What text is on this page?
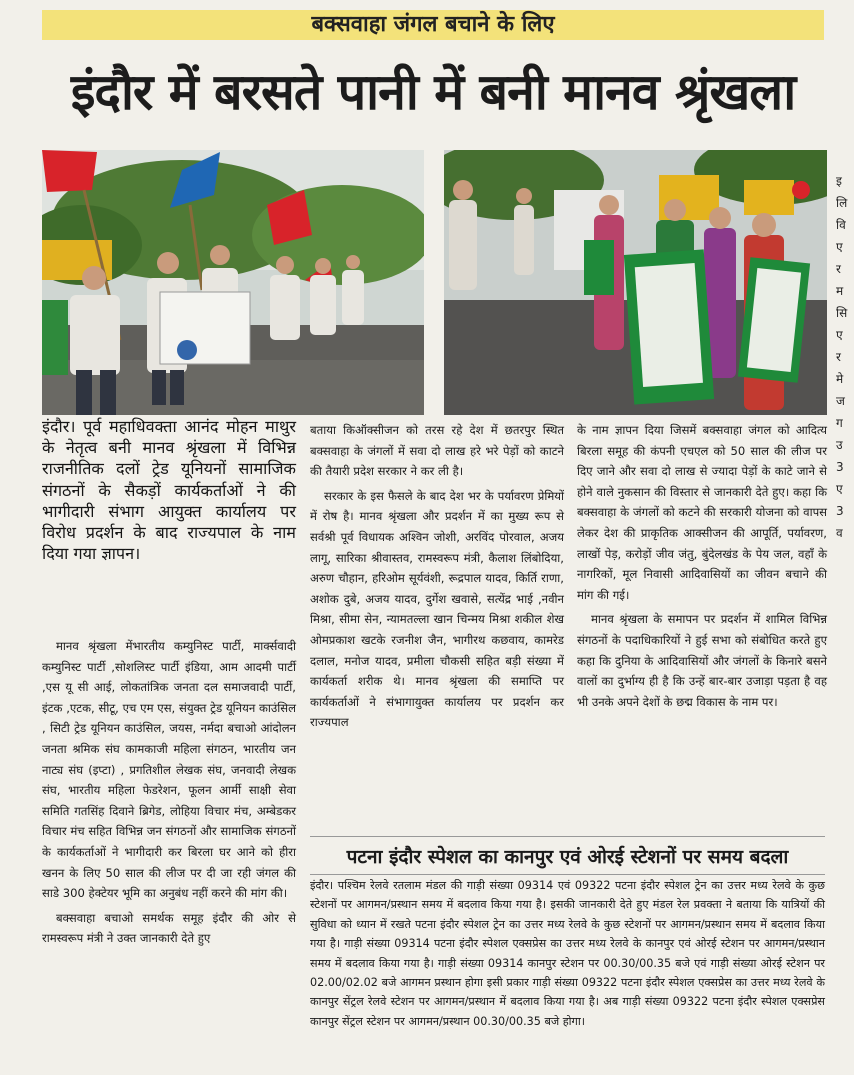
बक्सवाहा जंगल बचाने के लिए
इंदौर में बरसते पानी में बनी मानव श्रृंखला

इंदौर। पूर्व महाधिवक्ता आनंद मोहन माथुर के नेतृत्व बनी मानव श्रृंखला में विभिन्न राजनीतिक दलों ट्रेड यूनियनों सामाजिक संगठनों के सैकड़ों कार्यकर्ताओं ने की भागीदारी संभाग आयुक्त कार्यालय पर विरोध प्रदर्शन के बाद राज्यपाल के नाम दिया गया ज्ञापन।

मानव श्रृंखला मेंभारतीय कम्युनिस्ट पार्टी, मार्क्सवादी कम्युनिस्ट पार्टी ,सोशलिस्ट पार्टी इंडिया, आम आदमी पार्टी ,एस यू सी आई, लोकतांत्रिक जनता दल समाजवादी पार्टी, इंटक ,एटक, सीटू, एच एम एस, संयुक्त ट्रेड यूनियन काउंसिल , सिटी ट्रेड यूनियन काउंसिल, जयस, नर्मदा बचाओ आंदोलन जनता श्रमिक संघ कामकाजी महिला संगठन, भारतीय जन नाट्य संघ (इप्टा) , प्रगतिशील लेखक संघ, जनवादी लेखक संघ, भारतीय महिला फेडरेशन, फूलन आर्मी साक्षी सेवा समिति गतसिंह दिवाने ब्रिगेड, लोहिया विचार मंच, अम्बेडकर विचार मंच सहित विभिन्न जन संगठनों और सामाजिक संगठनों के कार्यकर्ताओं ने भागीदारी कर बिरला घर आने को हीरा खनन के लिए 50 साल की लीज पर दी जा रही जंगल की साडे 300 हेक्टेयर भूमि का अनुबंध नहीं करने की मांग की।

बक्सवाहा बचाओ समर्थक समूह इंदौर की ओर से रामस्वरूप मंत्री ने उक्त जानकारी देते हुए

बताया किऑक्सीजन को तरस रहे देश में छतरपुर स्थित बक्सवाहा के जंगलों में सवा दो लाख हरे भरे पेड़ों को काटने की तैयारी प्रदेश सरकार ने कर ली है।

सरकार के इस फैसले के बाद देश भर के पर्यावरण प्रेमियों में रोष है। मानव श्रृंखला और प्रदर्शन में का मुख्य रूप से सर्वश्री पूर्व विधायक अश्विन जोशी, अरविंद पोरवाल, अजय लागू, सारिका श्रीवास्तव, रामस्वरूप मंत्री, कैलाश लिंबोदिया, अरुण चौहान, हरिओम सूर्यवंशी, रूद्रपाल यादव, किर्ति राणा, अशोक दुबे, अजय यादव, दुर्गेश खवासे, सत्येंद्र भाई ,नवीन मिश्रा, सीमा सेन, न्यामतल्ला खान चिन्मय मिश्रा शकील शेख ओमप्रकाश खटके रजनीश जैन, भागीरथ कछवाय, कामरेड दलाल, मनोज यादव, प्रमीला चौकसी सहित बड़ी संख्या में कार्यकर्ता शरीक थे। मानव श्रृंखला की समाप्ति पर कार्यकर्ताओं ने संभागायुक्त कार्यालय पर प्रदर्शन कर राज्यपाल

के नाम ज्ञापन दिया जिसमें बक्सवाहा जंगल को आदित्य बिरला समूह की कंपनी एचएल को 50 साल की लीज पर दिए जाने और सवा दो लाख से ज्यादा पेड़ों के काटे जाने से होने वाले नुकसान की विस्तार से जानकारी देते हुए। कहा कि बक्सवाहा के जंगलों को कटने की सरकारी योजना को वापस लेकर देश की प्राकृतिक आक्सीजन की आपूर्ति, पर्यावरण, लाखों पेड़, करोड़ों जीव जंतु, बुंदेलखंड के पेय जल, वहाँ के नागरिकों, मूल निवासी आदिवासियों का जीवन बचाने की मांग की गई।

मानव श्रृंखला के समापन पर प्रदर्शन में शामिल विभिन्न संगठनों के पदाधिकारियों ने हुई सभा को संबोधित करते हुए कहा कि दुनिया के आदिवासियों और जंगलों के किनारे बसने वालों का दुर्भाग्य ही है कि उन्हें बार-बार उजाड़ा पड़ता है वह भी उनके अपने देशों के छद्म विकास के नाम पर।

पटना इंदौर स्पेशल का कानपुर एवं ओरई स्टेशनों पर समय बदला
इंदौर। पश्चिम रेलवे रतलाम मंडल की गाड़ी संख्या 09314 एवं 09322 पटना इंदौर स्पेशल ट्रेन का उत्तर मध्य रेलवे के कुछ स्टेशनों पर आगमन/प्रस्थान समय में बदलाव किया गया है। इसकी जानकारी देते हुए मंडल रेल प्रवक्ता ने बताया कि यात्रियों की सुविधा को ध्यान में रखते पटना इंदौर स्पेशल ट्रेन का उत्तर मध्य रेलवे के कुछ स्टेशनों पर आगमन/प्रस्थान समय में बदलाव किया गया है। गाड़ी संख्या 09314 पटना इंदौर स्पेशल एक्सप्रेस का उत्तर मध्य रेलवे के कानपुर एवं ओरई स्टेशन पर आगमन/प्रस्थान समय में बदलाव किया गया है। गाड़ी संख्या 09314 कानपुर स्टेशन पर 00.30/00.35 बजे एवं गाड़ी संख्या ओरई स्टेशन पर 02.00/02.02 बजे आगमन प्रस्थान होगा इसी प्रकार गाड़ी संख्या 09322 पटना इंदौर स्पेशल एक्सप्रेस का उत्तर मध्य रेलवे के कानपुर सेंट्रल रेलवे स्टेशन पर आगमन/प्रस्थान में बदलाव किया गया है। अब गाड़ी संख्या 09322 पटना इंदौर स्पेशल एक्सप्रेस कानपुर सेंट्रल स्टेशन पर आगमन/प्रस्थान 00.30/00.35 बजे होगा।
इ
लि
वि
ए
र
म
सि
ए
र
मे
ज
ग
उ
3
ए
3
व
